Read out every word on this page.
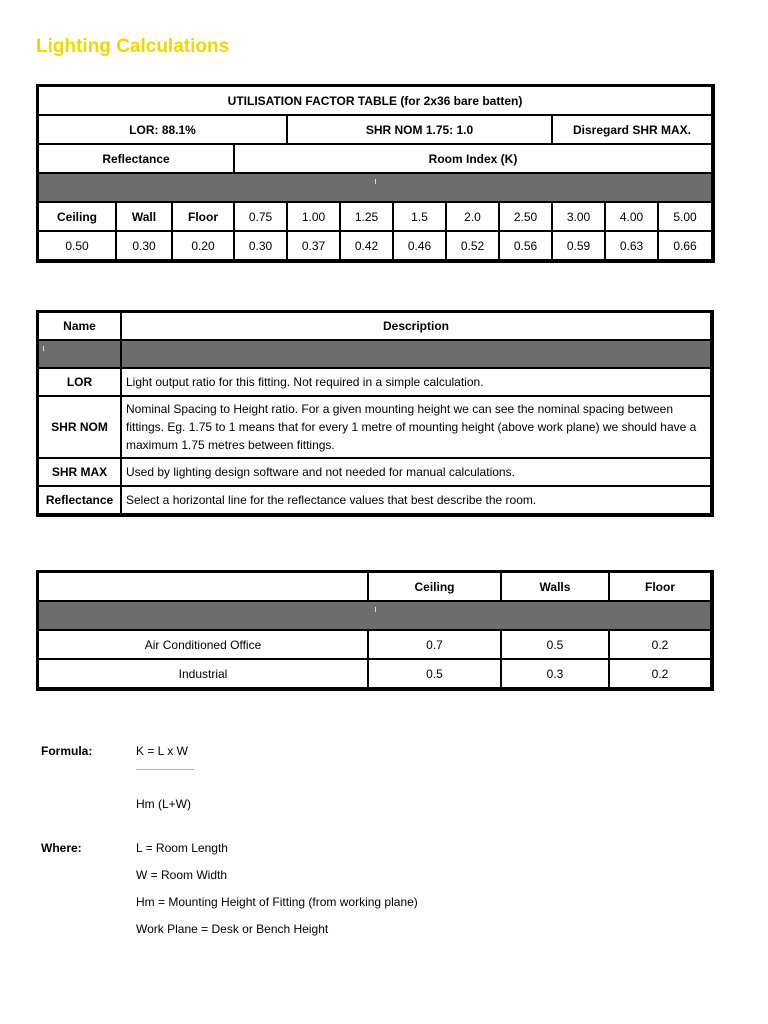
Lighting Calculations
UTILISATION FACTOR TABLE (for 2x36 bare batten)											
LOR: 88.1%				SHR NOM 1.75: 1.0					Disregard SHR MAX.		
Reflectance			Room Index (K)								

Ceiling	Wall	Floor	0.75	1.00	1.25	1.5	2.0	2.50	3.00	4.00	5.00
0.50	0.30	0.20	0.30	0.37	0.42	0.46	0.52	0.56	0.59	0.63	0.66
Name	Description

LOR	Light output ratio for this fitting. Not required in a simple calculation.
SHR NOM	Nominal Spacing to Height ratio. For a given mounting height we can see the nominal spacing between fittings. Eg. 1.75 to 1 means that for every 1 metre of mounting height (above work plane) we should have a maximum 1.75 metres between fittings.
SHR MAX	Used by lighting design software and not needed for manual calculations.
Reflectance	Select a horizontal line for the reflectance values that best describe the room.
	Ceiling	Walls	Floor

Air Conditioned Office	0.7	0.5	0.2
Industrial	0.5	0.3	0.2
Formula:	K = L x W
Hm (L+W)
Where:	L = Room Length
W = Room Width
Hm = Mounting Height of Fitting (from working plane)
Work Plane = Desk or Bench Height
